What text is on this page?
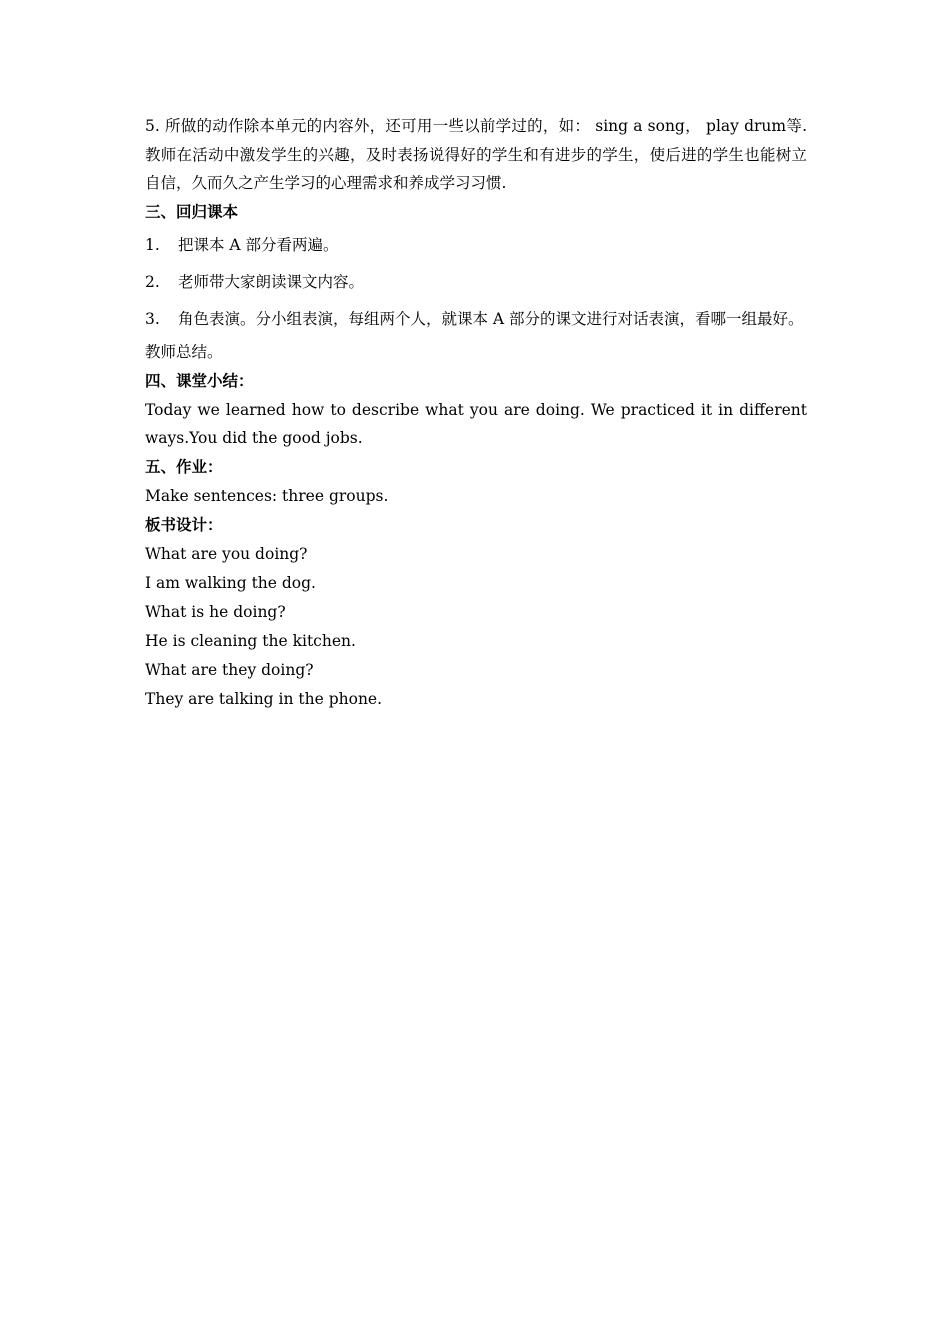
5. 所做的动作除本单元的内容外，还可用一些以前学过的，如： sing a song， play drum等. 教师在活动中激发学生的兴趣，及时表扬说得好的学生和有进步的学生，使后进的学生也能树立自信，久而久之产生学习的心理需求和养成学习习惯.

三、回归课本

1.	把课本 A 部分看两遍。
2.	老师带大家朗读课文内容。
3.	角色表演。分小组表演，每组两个人，就课本 A 部分的课文进行对话表演，看哪一组最好。

教师总结。

四、课堂小结：

Today we learned how to describe what you are doing. We practiced it in different ways.You did the good jobs.

五、作业：

Make sentences: three groups.

板书设计：

What are you doing?

I am walking the dog.

What is he doing?

He is cleaning the kitchen.

What are they doing?

They are talking in the phone.
